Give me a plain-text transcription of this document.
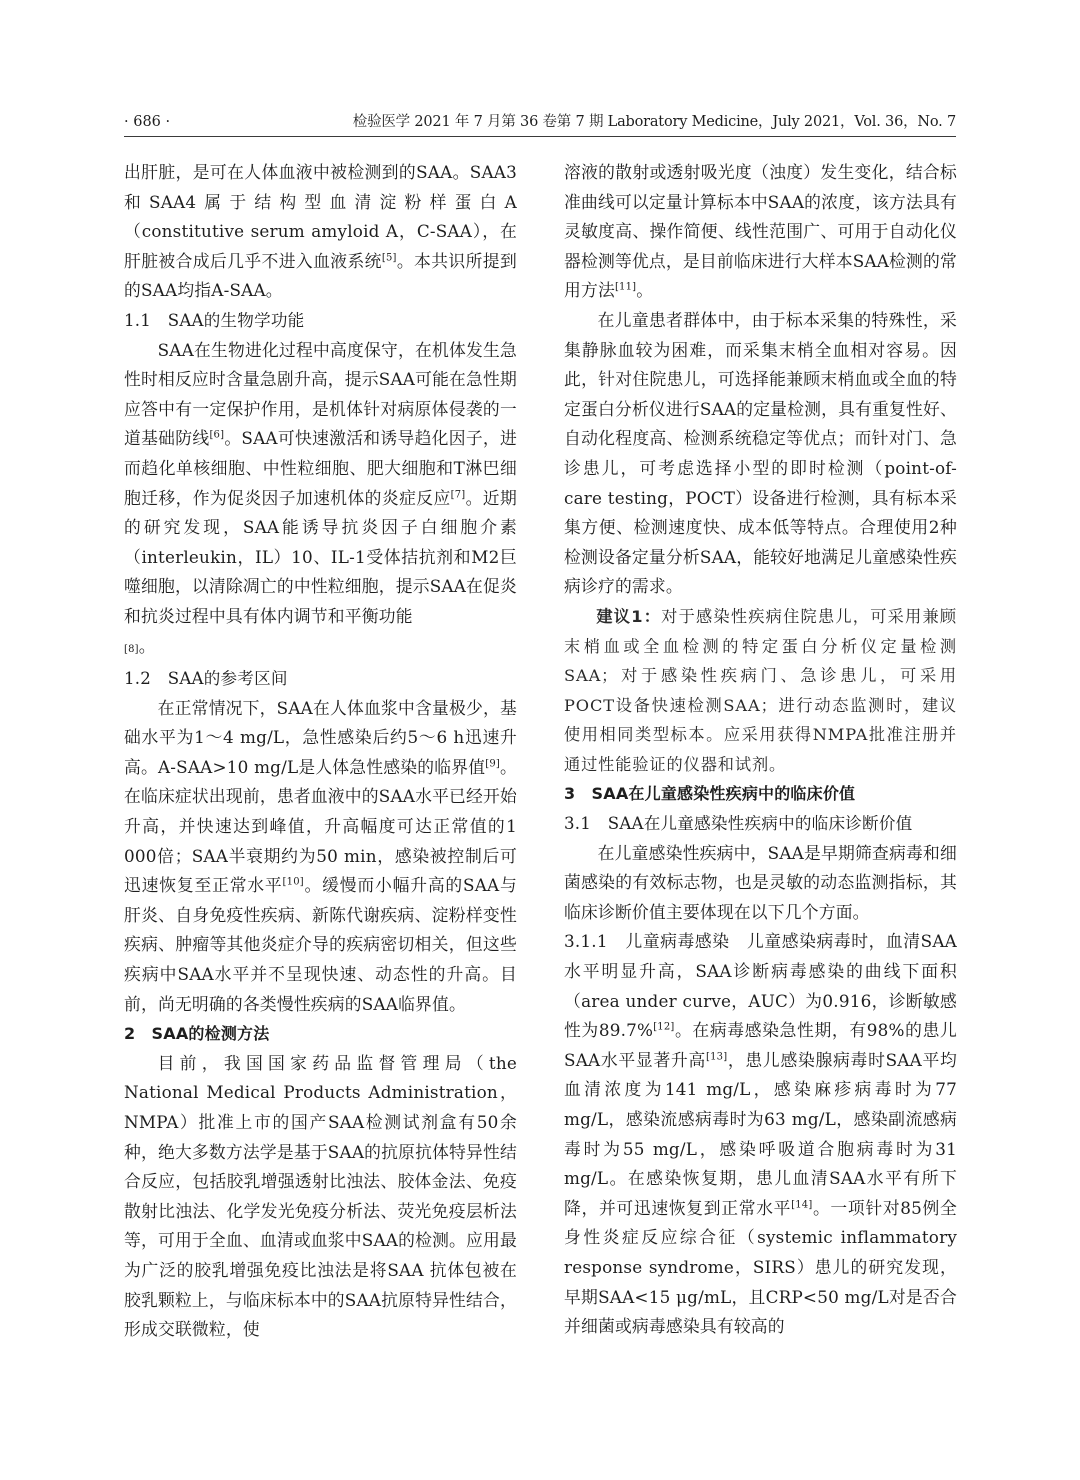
· 686 ·	检验医学 2021 年 7 月第 36 卷第 7 期 Laboratory Medicine，July 2021，Vol. 36，No. 7

出肝脏，是可在人体血液中被检测到的SAA。SAA3和SAA4属于结构型血清淀粉样蛋白A（constitutive serum amyloid A，C-SAA），在肝脏被合成后几乎不进入血液系统[5]。本共识所提到的SAA均指A-SAA。

1.1　SAA的生物学功能

SAA在生物进化过程中高度保守，在机体发生急性时相反应时含量急剧升高，提示SAA可能在急性期应答中有一定保护作用，是机体针对病原体侵袭的一道基础防线[6]。SAA可快速激活和诱导趋化因子，进而趋化单核细胞、中性粒细胞、肥大细胞和T淋巴细胞迁移，作为促炎因子加速机体的炎症反应[7]。近期的研究发现，SAA能诱导抗炎因子白细胞介素（interleukin，IL）10、IL-1受体拮抗剂和M2巨噬细胞，以清除凋亡的中性粒细胞，提示SAA在促炎和抗炎过程中具有体内调节和平衡功能
[8]。

1.2　SAA的参考区间

在正常情况下，SAA在人体血浆中含量极少，基础水平为1～4 mg/L，急性感染后约5～6 h迅速升高。A-SAA>10 mg/L是人体急性感染的临界值[9]。在临床症状出现前，患者血液中的SAA水平已经开始升高，并快速达到峰值，升高幅度可达正常值的1 000倍；SAA半衰期约为50 min，感染被控制后可迅速恢复至正常水平[10]。缓慢而小幅升高的SAA与肝炎、自身免疫性疾病、新陈代谢疾病、淀粉样变性疾病、肿瘤等其他炎症介导的疾病密切相关，但这些疾病中SAA水平并不呈现快速、动态性的升高。目前，尚无明确的各类慢性疾病的SAA临界值。

2　SAA的检测方法

目前，我国国家药品监督管理局（the National Medical Products Administration，NMPA）批准上市的国产SAA检测试剂盒有50余种，绝大多数方法学是基于SAA的抗原抗体特异性结合反应，包括胶乳增强透射比浊法、胶体金法、免疫散射比浊法、化学发光免疫分析法、荧光免疫层析法等，可用于全血、血清或血浆中SAA的检测。应用最为广泛的胶乳增强免疫比浊法是将SAA 抗体包被在胶乳颗粒上，与临床标本中的SAA抗原特异性结合，形成交联微粒，使

溶液的散射或透射吸光度（浊度）发生变化，结合标准曲线可以定量计算标本中SAA的浓度，该方法具有灵敏度高、操作简便、线性范围广、可用于自动化仪器检测等优点，是目前临床进行大样本SAA检测的常用方法[11]。

在儿童患者群体中，由于标本采集的特殊性，采集静脉血较为困难，而采集末梢全血相对容易。因此，针对住院患儿，可选择能兼顾末梢血或全血的特定蛋白分析仪进行SAA的定量检测，具有重复性好、自动化程度高、检测系统稳定等优点；而针对门、急诊患儿，可考虑选择小型的即时检测（point-of-care testing，POCT）设备进行检测，具有标本采集方便、检测速度快、成本低等特点。合理使用2种检测设备定量分析SAA，能较好地满足儿童感染性疾病诊疗的需求。

建议1：对于感染性疾病住院患儿，可采用兼顾末梢血或全血检测的特定蛋白分析仪定量检测SAA；对于感染性疾病门、急诊患儿，可采用POCT设备快速检测SAA；进行动态监测时，建议使用相同类型标本。应采用获得NMPA批准注册并通过性能验证的仪器和试剂。

3　SAA在儿童感染性疾病中的临床价值
3.1　SAA在儿童感染性疾病中的临床诊断价值

在儿童感染性疾病中，SAA是早期筛查病毒和细菌感染的有效标志物，也是灵敏的动态监测指标，其临床诊断价值主要体现在以下几个方面。

3.1.1　儿童病毒感染　儿童感染病毒时，血清SAA水平明显升高，SAA诊断病毒感染的曲线下面积（area under curve，AUC）为0.916，诊断敏感性为89.7%[12]。在病毒感染急性期，有98%的患儿SAA水平显著升高[13]，患儿感染腺病毒时SAA平均血清浓度为141 mg/L，感染麻疹病毒时为77 mg/L，感染流感病毒时为63 mg/L，感染副流感病毒时为55 mg/L，感染呼吸道合胞病毒时为31 mg/L。在感染恢复期，患儿血清SAA水平有所下降，并可迅速恢复到正常水平[14]。一项针对85例全身性炎症反应综合征（systemic inflammatory response syndrome，SIRS）患儿的研究发现，早期SAA<15 μg/mL，且CRP<50 mg/L对是否合并细菌或病毒感染具有较高的
